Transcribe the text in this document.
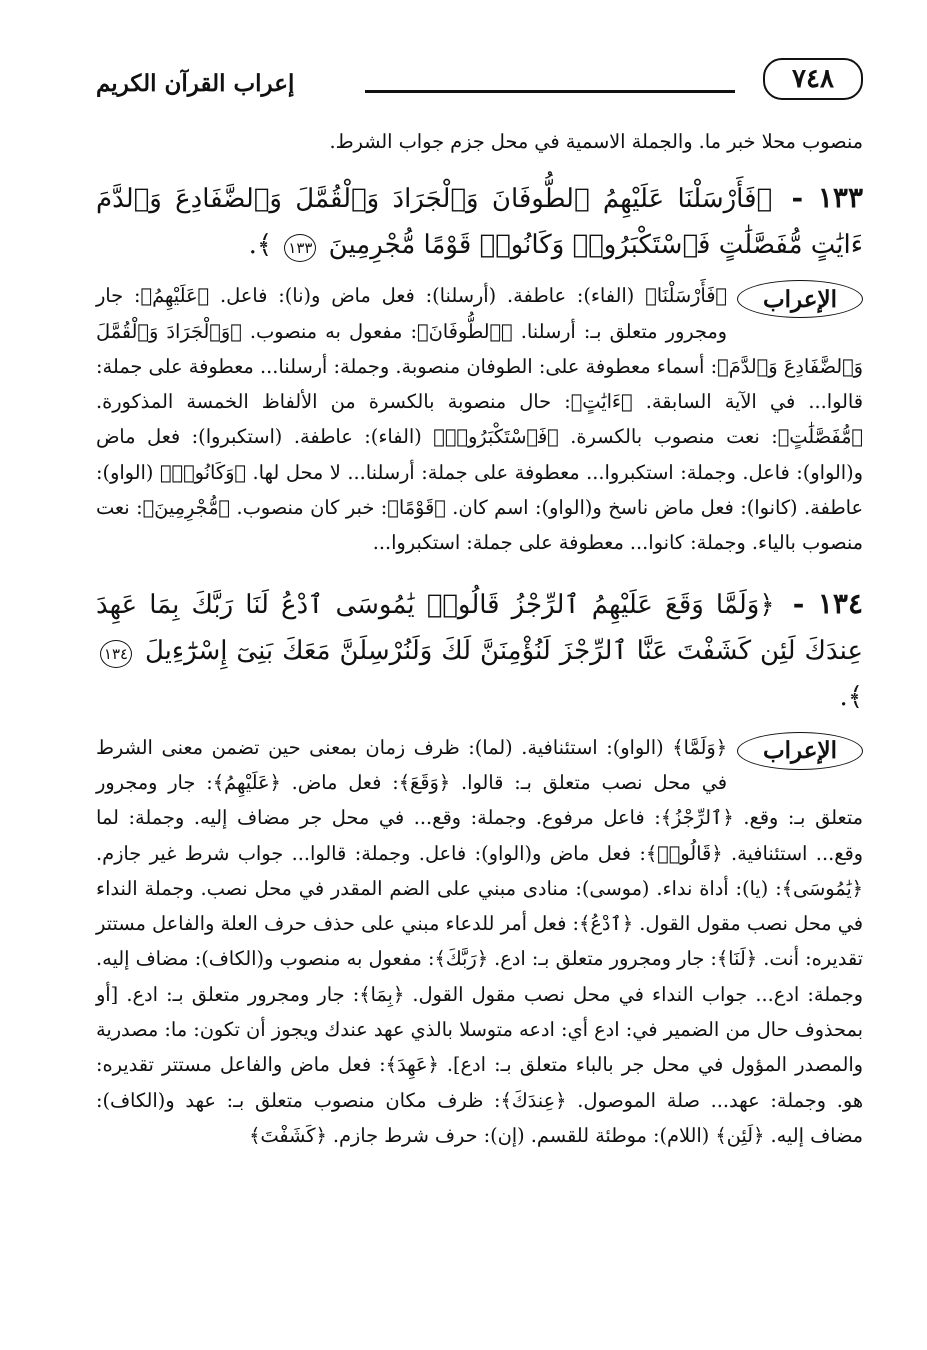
٧٤٨
إعراب القرآن الكريم

منصوب محلا خبر ما. والجملة الاسمية في محل جزم جواب الشرط.

١٣٣ - ﴿فَأَرْسَلْنَا عَلَيْهِمُ ٱلطُّوفَانَ وَٱلْجَرَادَ وَٱلْقُمَّلَ وَٱلضَّفَادِعَ وَٱلدَّمَ ءَايَٰتٍ مُّفَصَّلَٰتٍ فَٱسْتَكْبَرُوا۟ وَكَانُوا۟ قَوْمًا مُّجْرِمِينَ ١٣٣ ﴾.

الإعراب

﴿فَأَرْسَلْنَا﴾ (الفاء): عاطفة. (أرسلنا): فعل ماض و(نا): فاعل. ﴿عَلَيْهِمُ﴾: جار ومجرور متعلق بـ: أرسلنا. ﴿ٱلطُّوفَانَ﴾: مفعول به منصوب. ﴿وَٱلْجَرَادَ وَٱلْقُمَّلَ وَٱلضَّفَادِعَ وَٱلدَّمَ﴾: أسماء معطوفة على: الطوفان منصوبة. وجملة: أرسلنا... معطوفة على جملة: قالوا... في الآية السابقة. ﴿ءَايَٰتٍ﴾: حال منصوبة بالكسرة من الألفاظ الخمسة المذكورة. ﴿مُّفَصَّلَٰتٍ﴾: نعت منصوب بالكسرة. ﴿فَٱسْتَكْبَرُوا۟﴾ (الفاء): عاطفة. (استكبروا): فعل ماض و(الواو): فاعل. وجملة: استكبروا... معطوفة على جملة: أرسلنا... لا محل لها. ﴿وَكَانُوا۟﴾ (الواو): عاطفة. (كانوا): فعل ماض ناسخ و(الواو): اسم كان. ﴿قَوْمًا﴾: خبر كان منصوب. ﴿مُّجْرِمِينَ﴾: نعت منصوب بالياء. وجملة: كانوا... معطوفة على جملة: استكبروا...

١٣٤ - ﴿وَلَمَّا وَقَعَ عَلَيْهِمُ ٱلرِّجْزُ قَالُوا۟ يَٰمُوسَى ٱدْعُ لَنَا رَبَّكَ بِمَا عَهِدَ عِندَكَ لَئِن كَشَفْتَ عَنَّا ٱلرِّجْزَ لَنُؤْمِنَنَّ لَكَ وَلَنُرْسِلَنَّ مَعَكَ بَنِىٓ إِسْرَٰٓءِيلَ ١٣٤ ﴾.

الإعراب

﴿وَلَمَّا﴾ (الواو): استئنافية. (لما): ظرف زمان بمعنى حين تضمن معنى الشرط في محل نصب متعلق بـ: قالوا. ﴿وَقَعَ﴾: فعل ماض. ﴿عَلَيْهِمُ﴾: جار ومجرور متعلق بـ: وقع. ﴿ٱلرِّجْزُ﴾: فاعل مرفوع. وجملة: وقع... في محل جر مضاف إليه. وجملة: لما وقع... استئنافية. ﴿قَالُوا۟﴾: فعل ماض و(الواو): فاعل. وجملة: قالوا... جواب شرط غير جازم. ﴿يَٰمُوسَى﴾: (يا): أداة نداء. (موسى): منادى مبني على الضم المقدر في محل نصب. وجملة النداء في محل نصب مقول القول. ﴿ٱدْعُ﴾: فعل أمر للدعاء مبني على حذف حرف العلة والفاعل مستتر تقديره: أنت. ﴿لَنَا﴾: جار ومجرور متعلق بـ: ادع. ﴿رَبَّكَ﴾: مفعول به منصوب و(الكاف): مضاف إليه. وجملة: ادع... جواب النداء في محل نصب مقول القول. ﴿بِمَا﴾: جار ومجرور متعلق بـ: ادع. [أو بمحذوف حال من الضمير في: ادع أي: ادعه متوسلا بالذي عهد عندك ويجوز أن تكون: ما: مصدرية والمصدر المؤول في محل جر بالباء متعلق بـ: ادع]. ﴿عَهِدَ﴾: فعل ماض والفاعل مستتر تقديره: هو. وجملة: عهد... صلة الموصول. ﴿عِندَكَ﴾: ظرف مكان منصوب متعلق بـ: عهد و(الكاف): مضاف إليه. ﴿لَئِن﴾ (اللام): موطئة للقسم. (إن): حرف شرط جازم. ﴿كَشَفْتَ﴾
